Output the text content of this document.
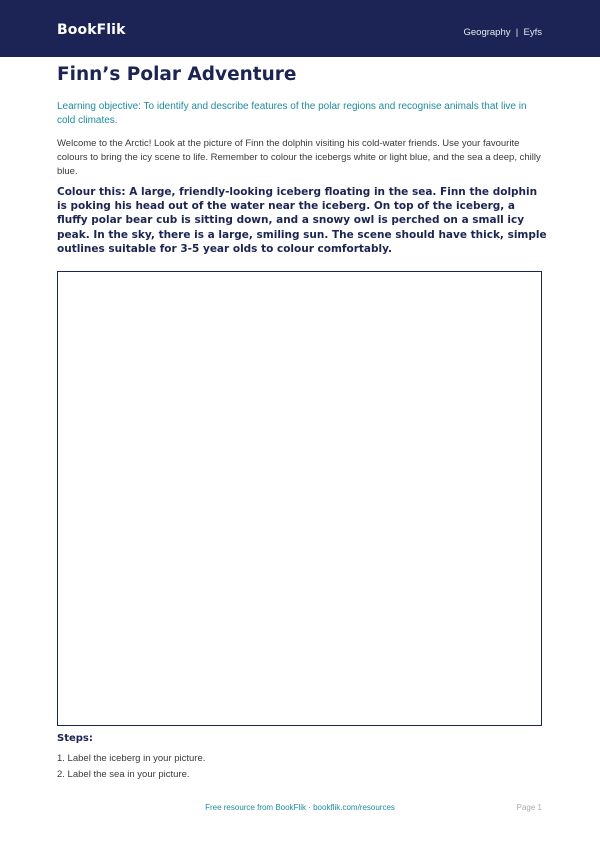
BookFlik	Geography  |  Eyfs
Finn’s Polar Adventure

Learning objective: To identify and describe features of the polar regions and recognise animals that live in cold climates.

Welcome to the Arctic! Look at the picture of Finn the dolphin visiting his cold-water friends. Use your favourite colours to bring the icy scene to life. Remember to colour the icebergs white or light blue, and the sea a deep, chilly blue.

Colour this: A large, friendly-looking iceberg floating in the sea. Finn the dolphin is poking his head out of the water near the iceberg. On top of the iceberg, a fluffy polar bear cub is sitting down, and a snowy owl is perched on a small icy peak. In the sky, there is a large, smiling sun. The scene should have thick, simple outlines suitable for 3-5 year olds to colour comfortably.

Steps:
1. Label the iceberg in your picture.
2. Label the sea in your picture.
Free resource from BookFlik · bookflik.com/resources	Page 1
